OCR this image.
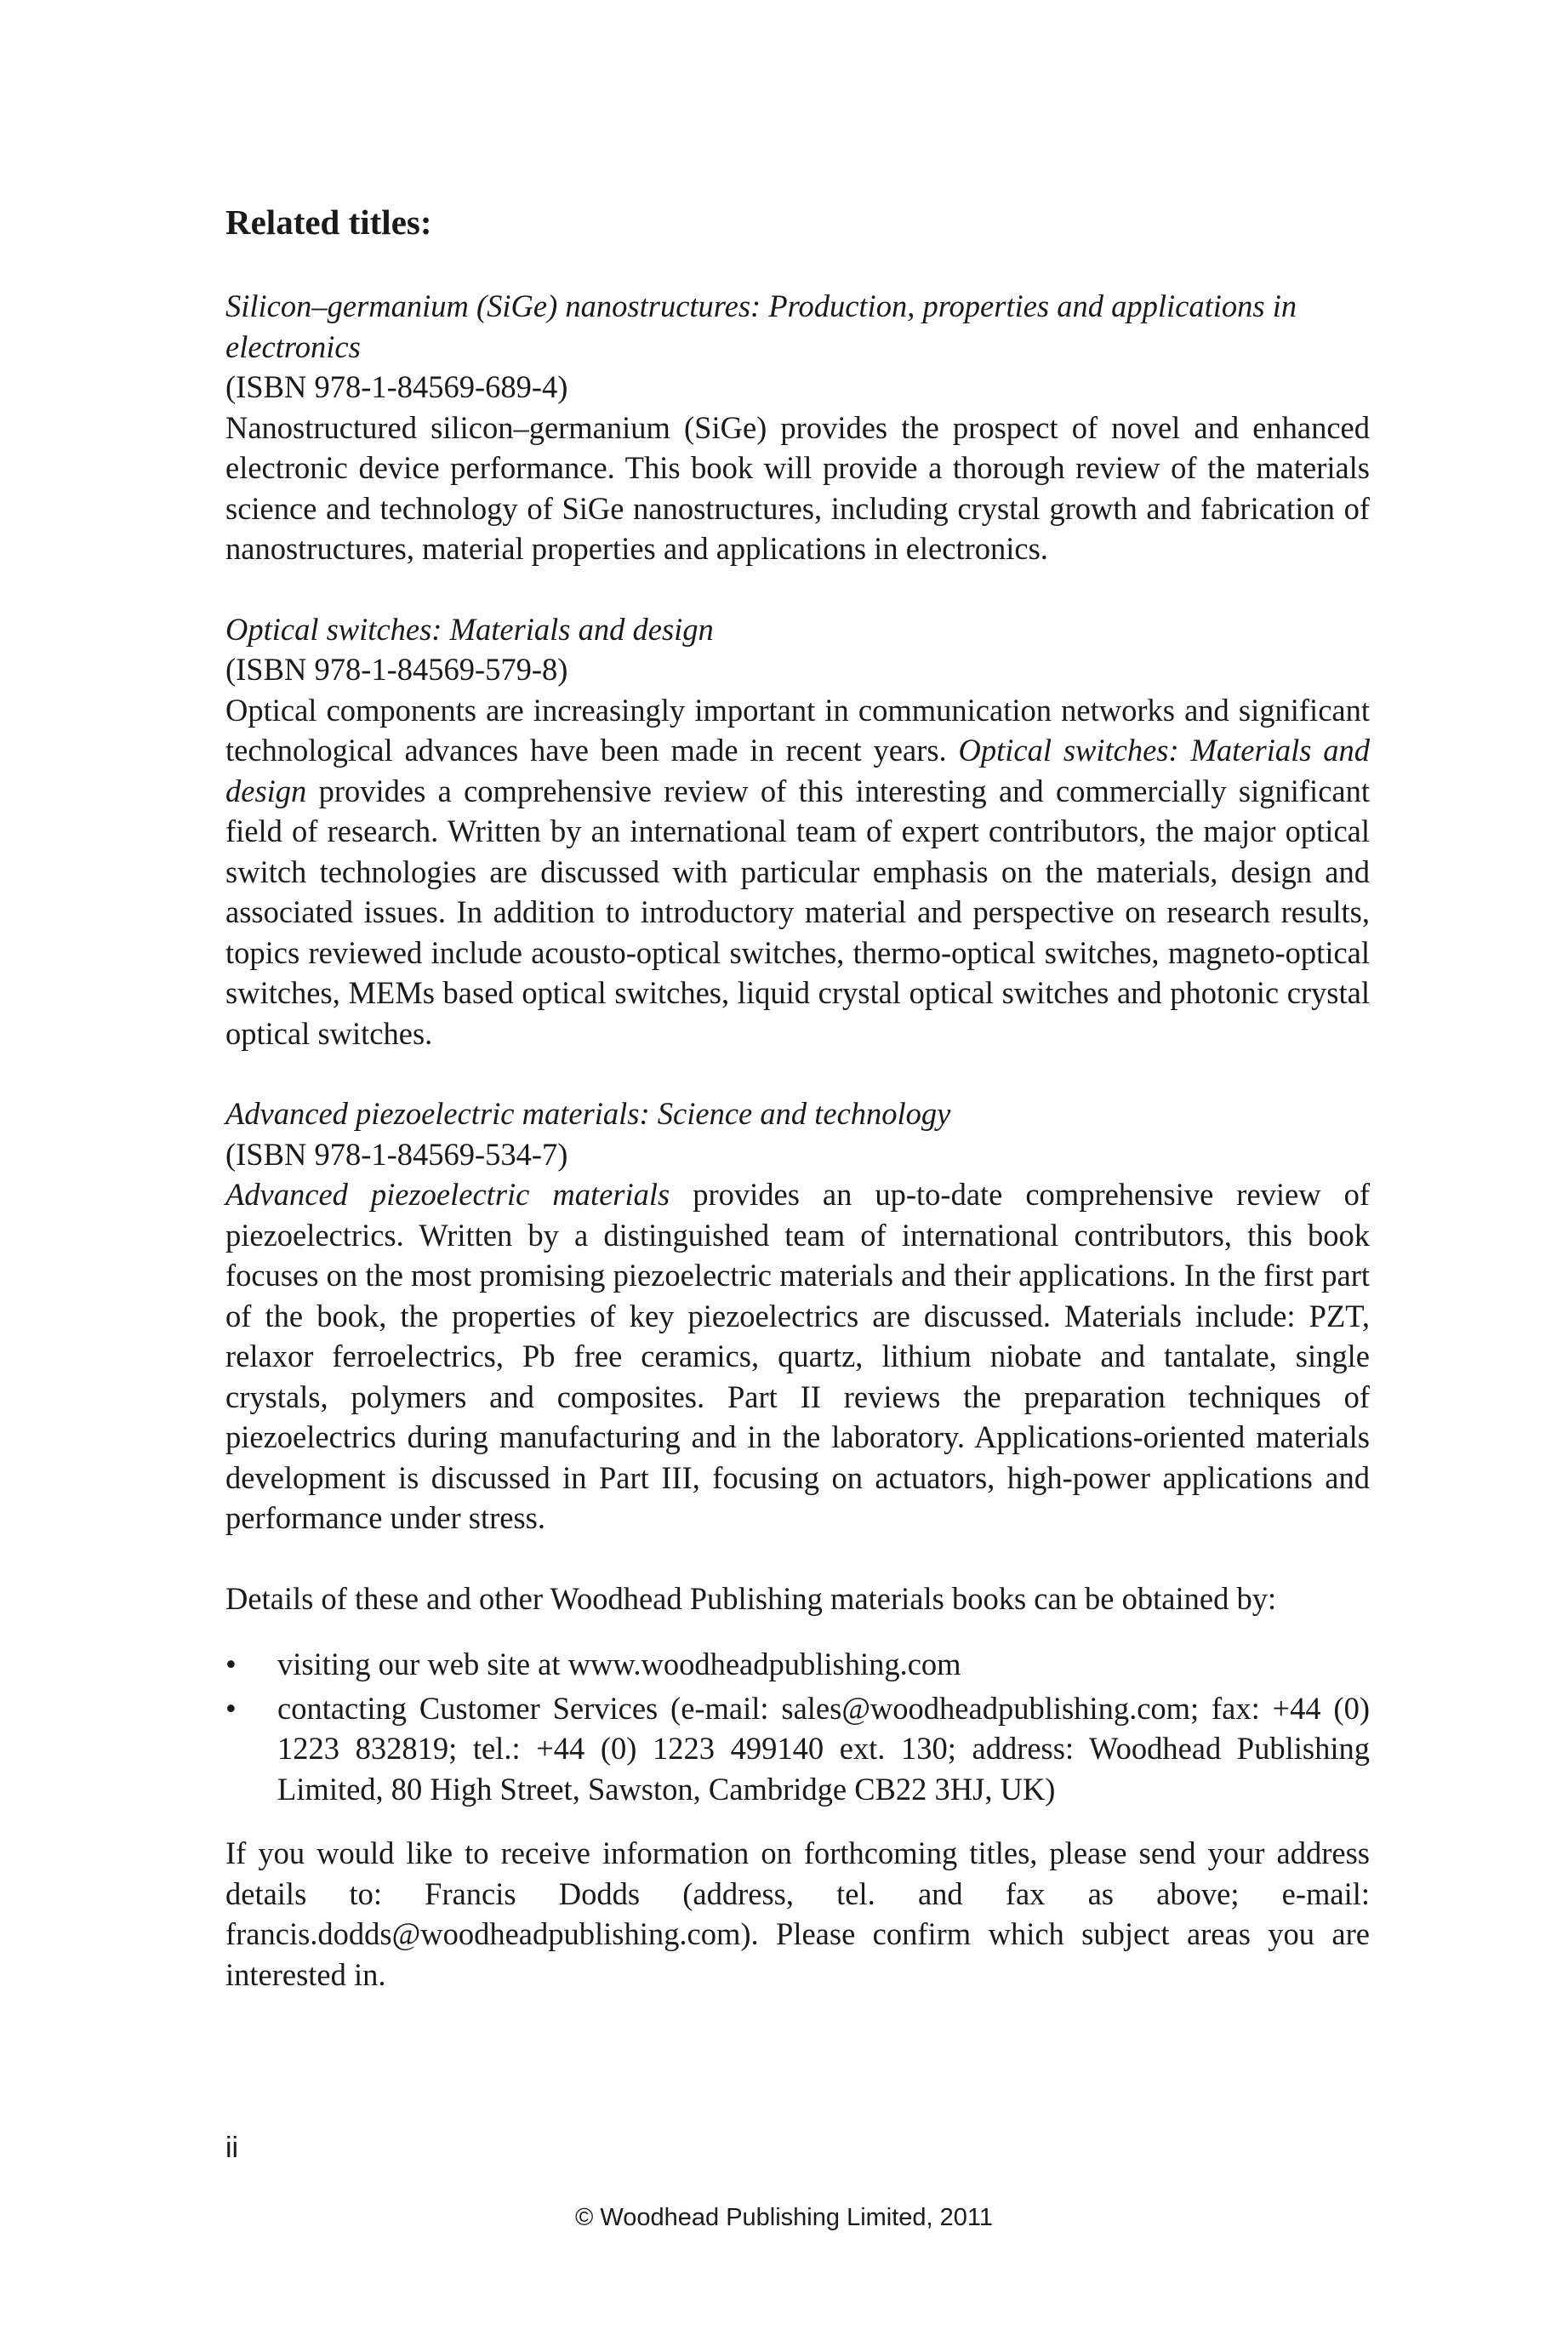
Related titles:
Silicon–germanium (SiGe) nanostructures: Production, properties and applications in electronics
(ISBN 978-1-84569-689-4)
Nanostructured silicon–germanium (SiGe) provides the prospect of novel and enhanced electronic device performance. This book will provide a thorough review of the materials science and technology of SiGe nanostructures, including crystal growth and fabrication of nanostructures, material properties and applications in electronics.
Optical switches: Materials and design
(ISBN 978-1-84569-579-8)
Optical components are increasingly important in communication networks and significant technological advances have been made in recent years. Optical switches: Materials and design provides a comprehensive review of this interesting and commercially significant field of research. Written by an international team of expert contributors, the major optical switch technologies are discussed with particular emphasis on the materials, design and associated issues. In addition to introductory material and perspective on research results, topics reviewed include acousto-optical switches, thermo-optical switches, magneto-optical switches, MEMs based optical switches, liquid crystal optical switches and photonic crystal optical switches.
Advanced piezoelectric materials: Science and technology
(ISBN 978-1-84569-534-7)
Advanced piezoelectric materials provides an up-to-date comprehensive review of piezoelectrics. Written by a distinguished team of international contributors, this book focuses on the most promising piezoelectric materials and their applications. In the first part of the book, the properties of key piezoelectrics are discussed. Materials include: PZT, relaxor ferroelectrics, Pb free ceramics, quartz, lithium niobate and tantalate, single crystals, polymers and composites. Part II reviews the preparation techniques of piezoelectrics during manufacturing and in the laboratory. Applications-oriented materials development is discussed in Part III, focusing on actuators, high-power applications and performance under stress.

Details of these and other Woodhead Publishing materials books can be obtained by:

•	visiting our web site at www.woodheadpublishing.com
•	contacting Customer Services (e-mail: sales@woodheadpublishing.com; fax: +44 (0) 1223 832819; tel.: +44 (0) 1223 499140 ext. 130; address: Woodhead Publishing Limited, 80 High Street, Sawston, Cambridge CB22 3HJ, UK)

If you would like to receive information on forthcoming titles, please send your address details to: Francis Dodds (address, tel. and fax as above; e-mail: francis.dodds@woodheadpublishing.com). Please confirm which subject areas you are interested in.

ii
© Woodhead Publishing Limited, 2011
